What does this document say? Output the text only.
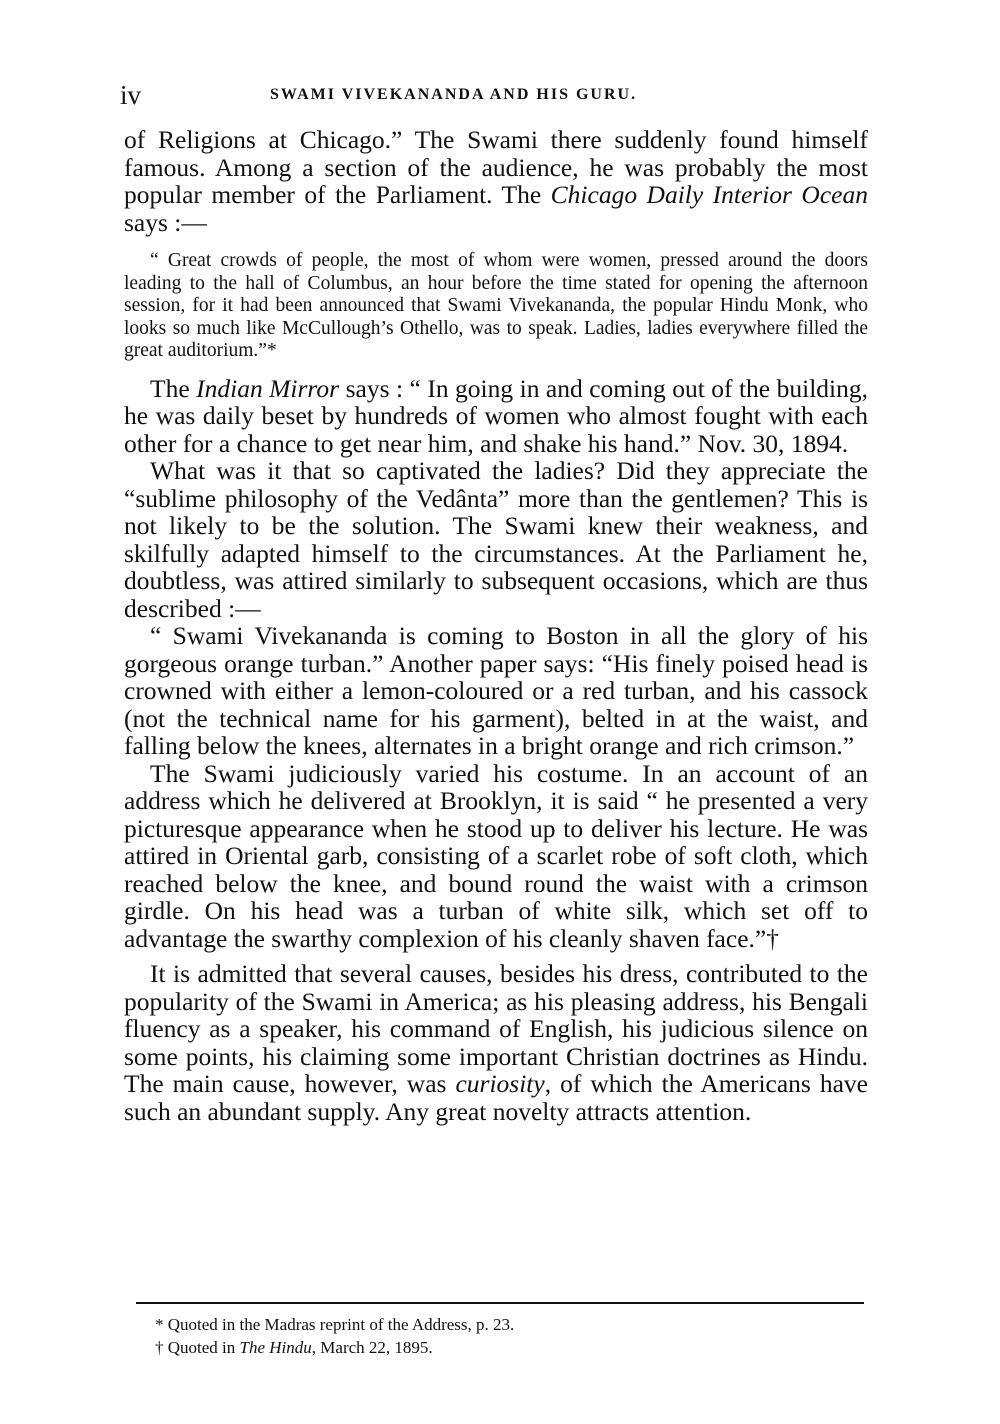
iv	SWAMI VIVEKANANDA AND HIS GURU.

of Religions at Chicago.” The Swami there suddenly found himself famous. Among a section of the audience, he was probably the most popular member of the Parliament. The Chicago Daily Interior Ocean says :—

“ Great crowds of people, the most of whom were women, pressed around the doors leading to the hall of Columbus, an hour before the time stated for opening the afternoon session, for it had been announced that Swami Vivekananda, the popular Hindu Monk, who looks so much like McCullough’s Othello, was to speak. Ladies, ladies everywhere filled the great auditorium.”*

The Indian Mirror says : “ In going in and coming out of the building, he was daily beset by hundreds of women who almost fought with each other for a chance to get near him, and shake his hand.” Nov. 30, 1894.

What was it that so captivated the ladies? Did they appreciate the “sublime philosophy of the Vedânta” more than the gentlemen? This is not likely to be the solution. The Swami knew their weakness, and skilfully adapted himself to the circumstances. At the Parliament he, doubtless, was attired similarly to subsequent occasions, which are thus described :—

“ Swami Vivekananda is coming to Boston in all the glory of his gorgeous orange turban.” Another paper says: “His finely poised head is crowned with either a lemon-coloured or a red turban, and his cassock (not the technical name for his garment), belted in at the waist, and falling below the knees, alternates in a bright orange and rich crimson.”

The Swami judiciously varied his costume. In an account of an address which he delivered at Brooklyn, it is said “ he presented a very picturesque appearance when he stood up to deliver his lecture. He was attired in Oriental garb, consisting of a scarlet robe of soft cloth, which reached below the knee, and bound round the waist with a crimson girdle. On his head was a turban of white silk, which set off to advantage the swarthy complexion of his cleanly shaven face.”†

It is admitted that several causes, besides his dress, contributed to the popularity of the Swami in America; as his pleasing address, his Bengali fluency as a speaker, his command of English, his judicious silence on some points, his claiming some important Christian doctrines as Hindu. The main cause, however, was curiosity, of which the Americans have such an abundant supply. Any great novelty attracts attention.

* Quoted in the Madras reprint of the Address, p. 23.

† Quoted in The Hindu, March 22, 1895.
